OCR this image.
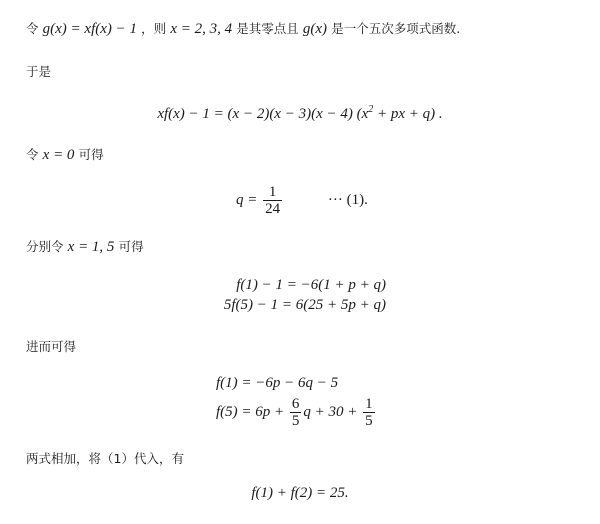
令 g(x) = xf(x) − 1 ，则 x = 2, 3, 4 是其零点且 g(x) 是一个五次多项式函数.
于是
xf(x) − 1 = (x − 2)(x − 3)(x − 4) ($x^2$ + px + q) .
令 x = 0 可得
$q = \frac{1}{24}$	··· (1).
分别令 x = 1, 5 可得
f(1) − 1 = −6(1 + p + q)
5f(5) − 1 = 6(25 + 5p + q)
进而可得
f(1) = −6p − 6q − 5
$f(5) = 6p + \frac{6}{5}$ $q + 30 + \frac{1}{5}$
两式相加，将（1）代入，有
f(1) + f(2) = 25.
